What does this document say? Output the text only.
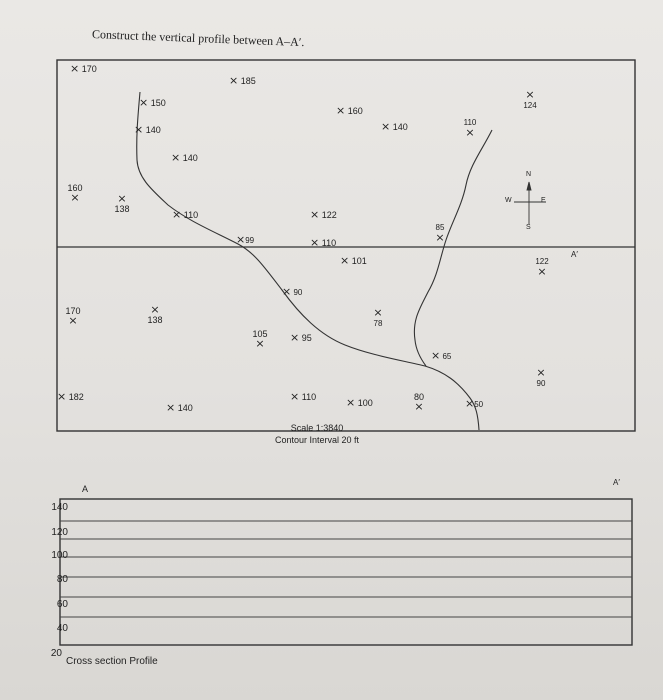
Construct the vertical profile between A–A′.
× 170
× 185
× 150
× 140
× 140
× 160
× 140	110
×
×
124
160
×	×
138	× 110	× 122
× 110
×99
85
×
× 101	122
×
× 90
170
×
×
138
×
78
105
×	× 95
× 65
×
90
× 182
× 140
× 110	× 100
80
×	×50
N
S
E
W
A′
Scale 1:3840
Contour Interval 20 ft
A
A′
140
120
100
80
60
40
20
Cross section Profile
